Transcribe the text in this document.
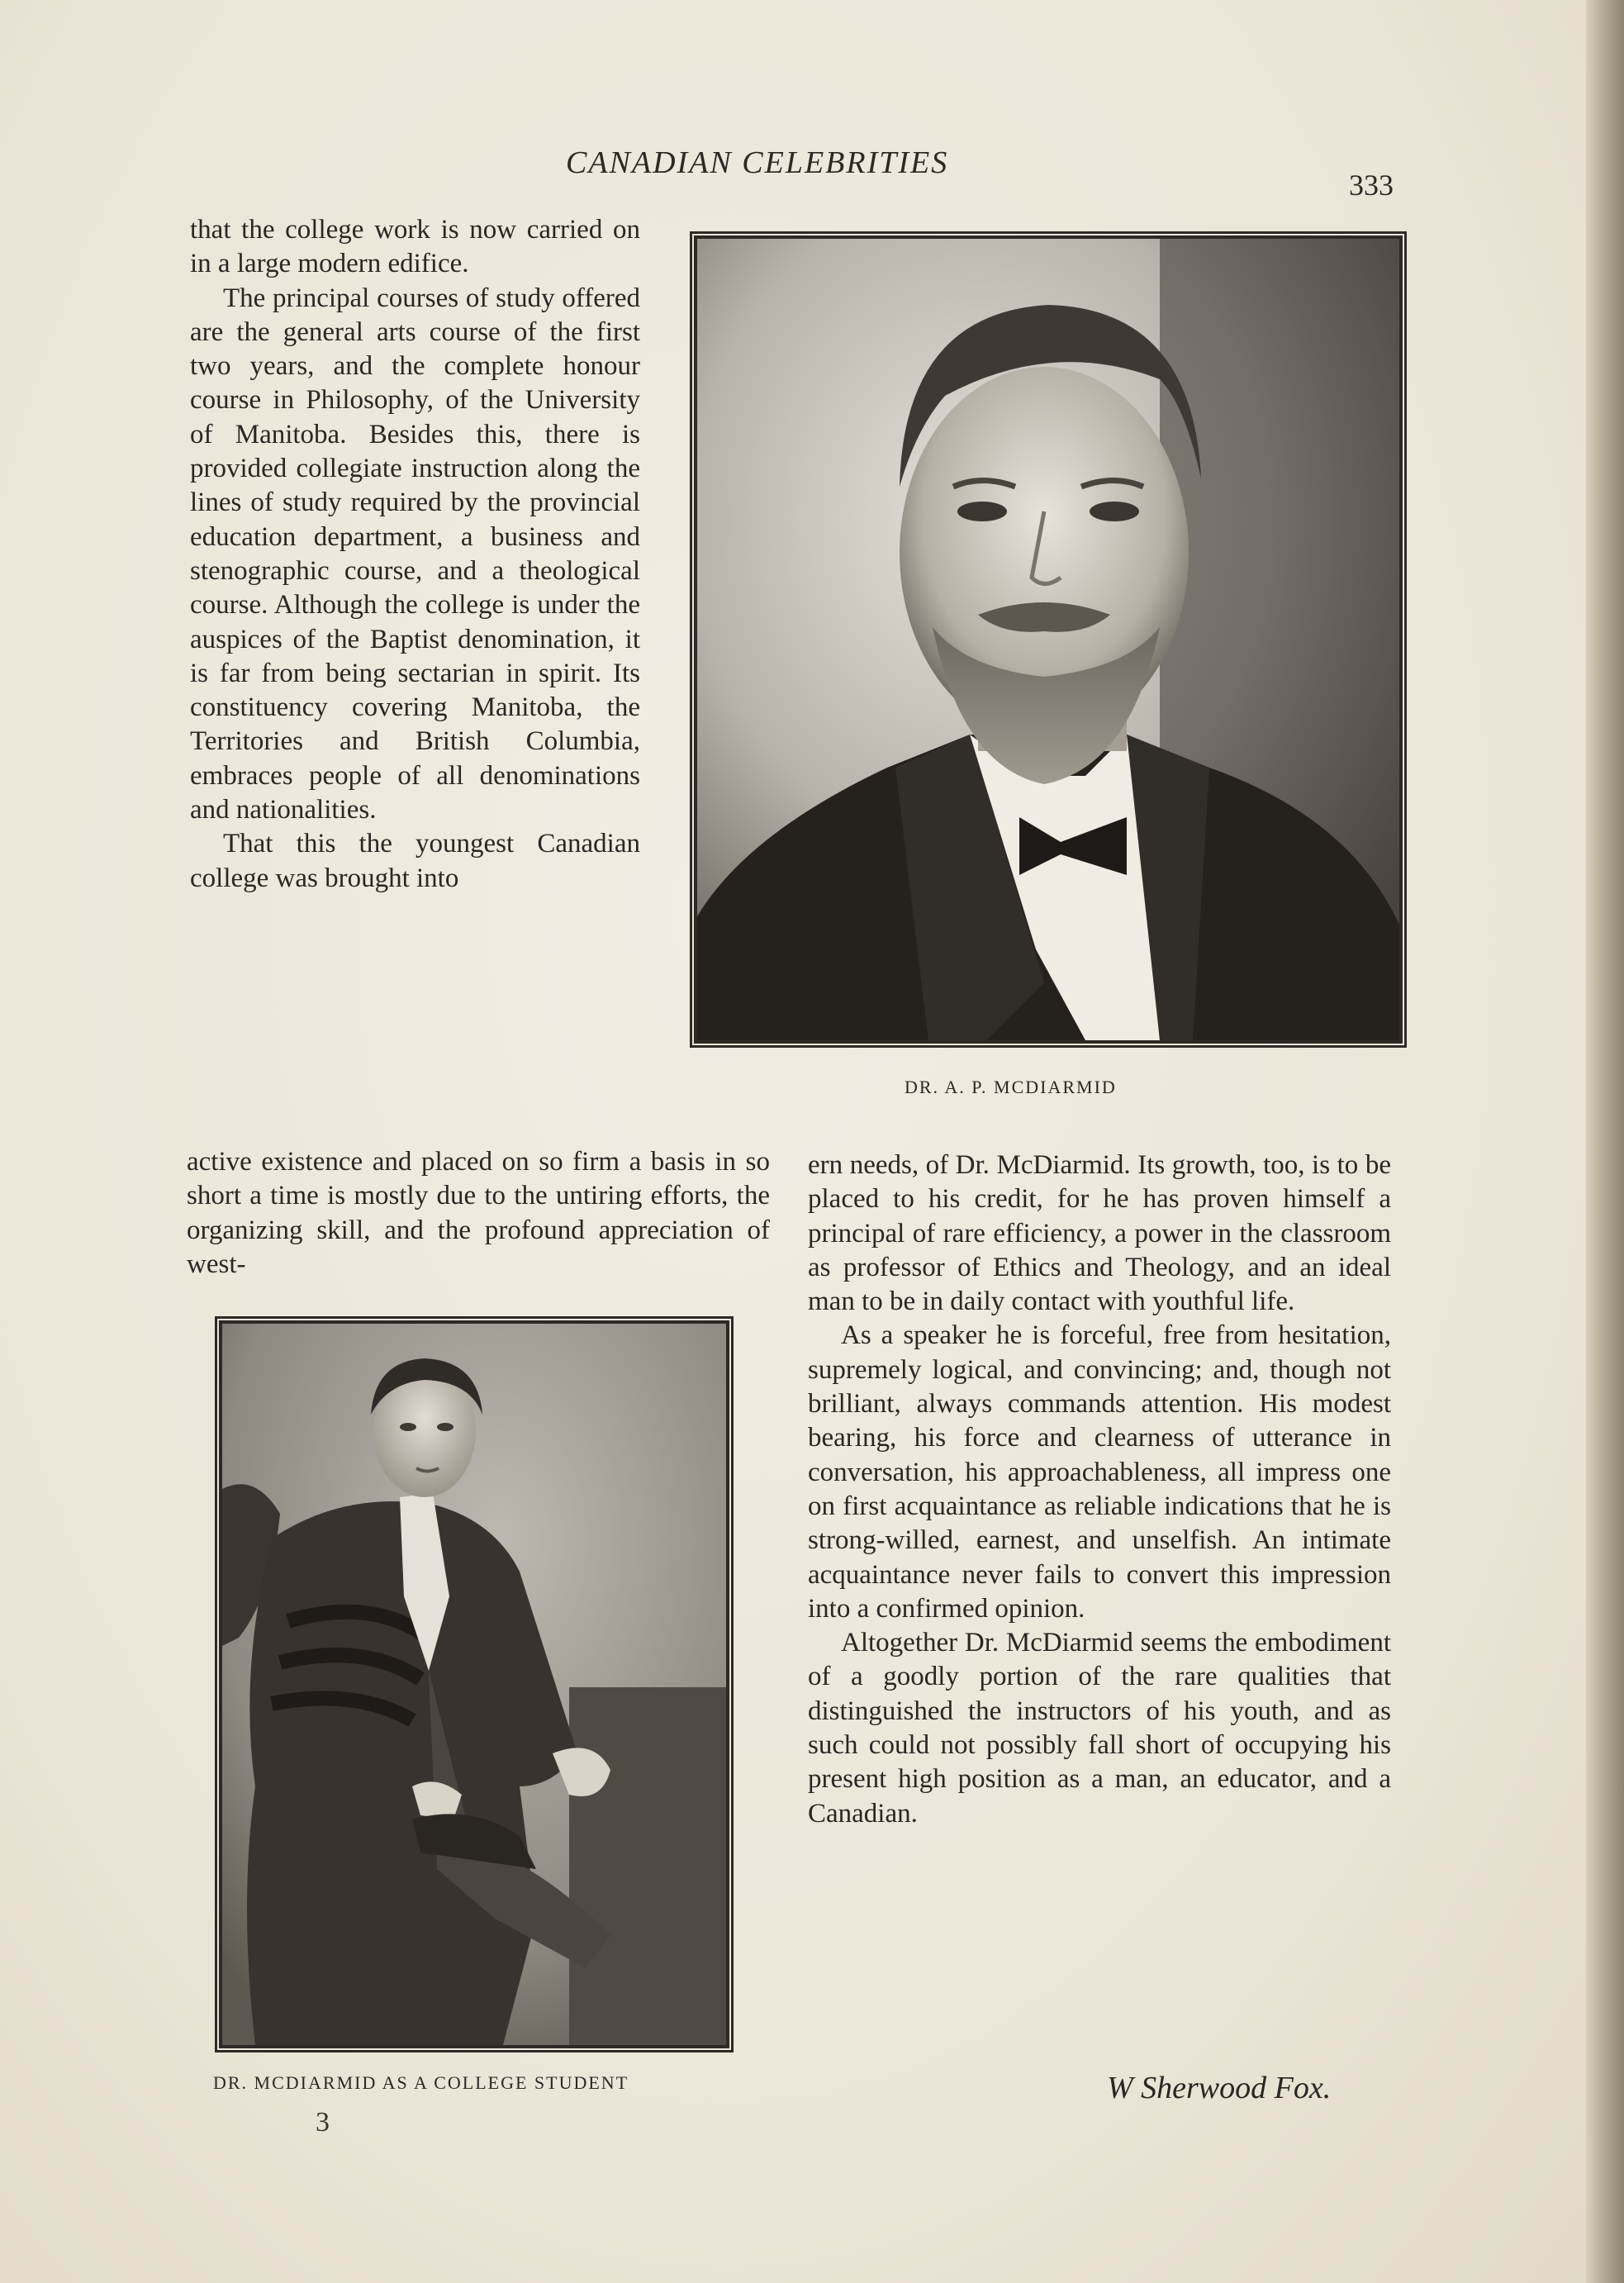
CANADIAN CELEBRITIES
333

that the college work is now carried on in a large modern edifice.

The principal courses of study offered are the general arts course of the first two years, and the complete honour course in Philosophy, of the University of Manitoba. Besides this, there is provided collegiate instruction along the lines of study required by the provincial education department, a business and stenographic course, and a theological course. Although the college is under the auspices of the Baptist denomination, it is far from being sectarian in spirit. Its constituency covering Manitoba, the Territories and British Columbia, embraces people of all denominations and nationalities.

That this the youngest Canadian college was brought into

DR. A. P. MCDIARMID

active existence and placed on so firm a basis in so short a time is mostly due to the untiring efforts, the organizing skill, and the profound appreciation of west-

ern needs, of Dr. McDiarmid. Its growth, too, is to be placed to his credit, for he has proven himself a principal of rare efficiency, a power in the classroom as professor of Ethics and Theology, and an ideal man to be in daily contact with youthful life.

As a speaker he is forceful, free from hesitation, supremely logical, and convincing; and, though not brilliant, always commands attention. His modest bearing, his force and clearness of utterance in conversation, his approachableness, all impress one on first acquaintance as reliable indications that he is strong-willed, earnest, and unselfish. An intimate acquaintance never fails to convert this impression into a confirmed opinion.

Altogether Dr. McDiarmid seems the embodiment of a goodly portion of the rare qualities that distinguished the instructors of his youth, and as such could not possibly fall short of occupying his present high position as a man, an educator, and a Canadian.

DR. MCDIARMID AS A COLLEGE STUDENT	W Sherwood Fox.
3
